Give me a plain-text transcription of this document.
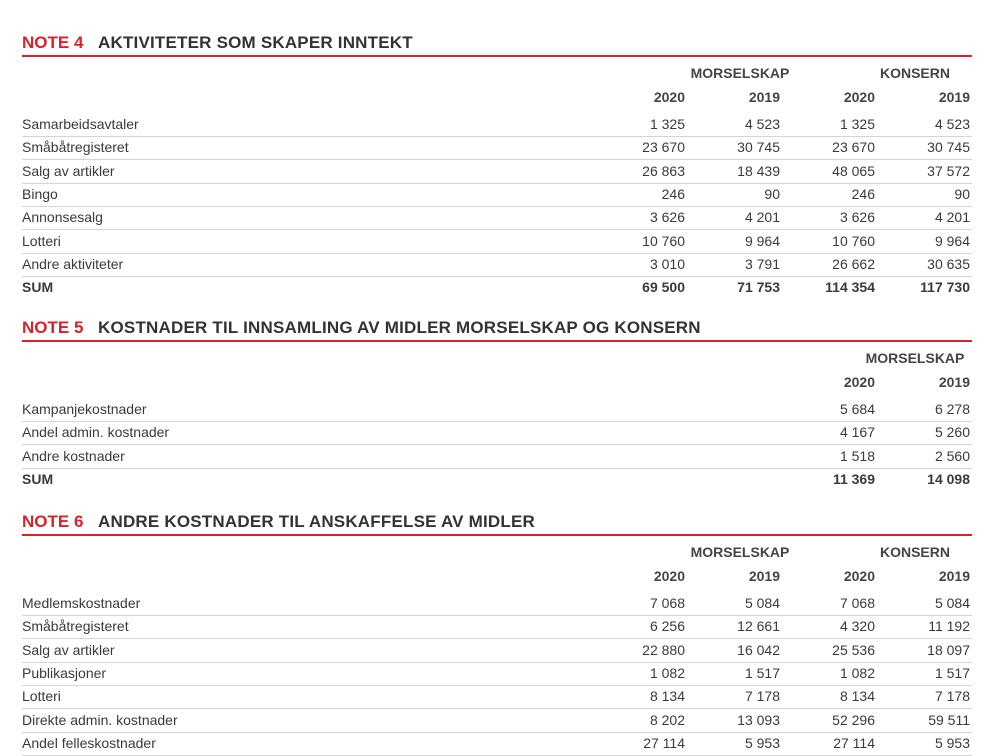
NOTE 4 AKTIVITETER SOM SKAPER INNTEKT
MORSELSKAP	KONSERN
2020	2019	2020	2019
Samarbeidsavtaler	1 325	4 523	1 325	4 523
Småbåtregisteret	23 670	30 745	23 670	30 745
Salg av artikler	26 863	18 439	48 065	37 572
Bingo	246	90	246	90
Annonsesalg	3 626	4 201	3 626	4 201
Lotteri	10 760	9 964	10 760	9 964
Andre aktiviteter	3 010	3 791	26 662	30 635
SUM	69 500	71 753	114 354	117 730
NOTE 5 KOSTNADER TIL INNSAMLING AV MIDLER MORSELSKAP OG KONSERN
MORSELSKAP
2020	2019
Kampanjekostnader	5 684	6 278
Andel admin. kostnader	4 167	5 260
Andre kostnader	1 518	2 560
SUM	11 369	14 098
NOTE 6 ANDRE KOSTNADER TIL ANSKAFFELSE AV MIDLER
MORSELSKAP	KONSERN
2020	2019	2020	2019
Medlemskostnader	7 068	5 084	7 068	5 084
Småbåtregisteret	6 256	12 661	4 320	11 192
Salg av artikler	22 880	16 042	25 536	18 097
Publikasjoner	1 082	1 517	1 082	1 517
Lotteri	8 134	7 178	8 134	7 178
Direkte admin. kostnader	8 202	13 093	52 296	59 511
Andel felleskostnader	27 114	5 953	27 114	5 953
